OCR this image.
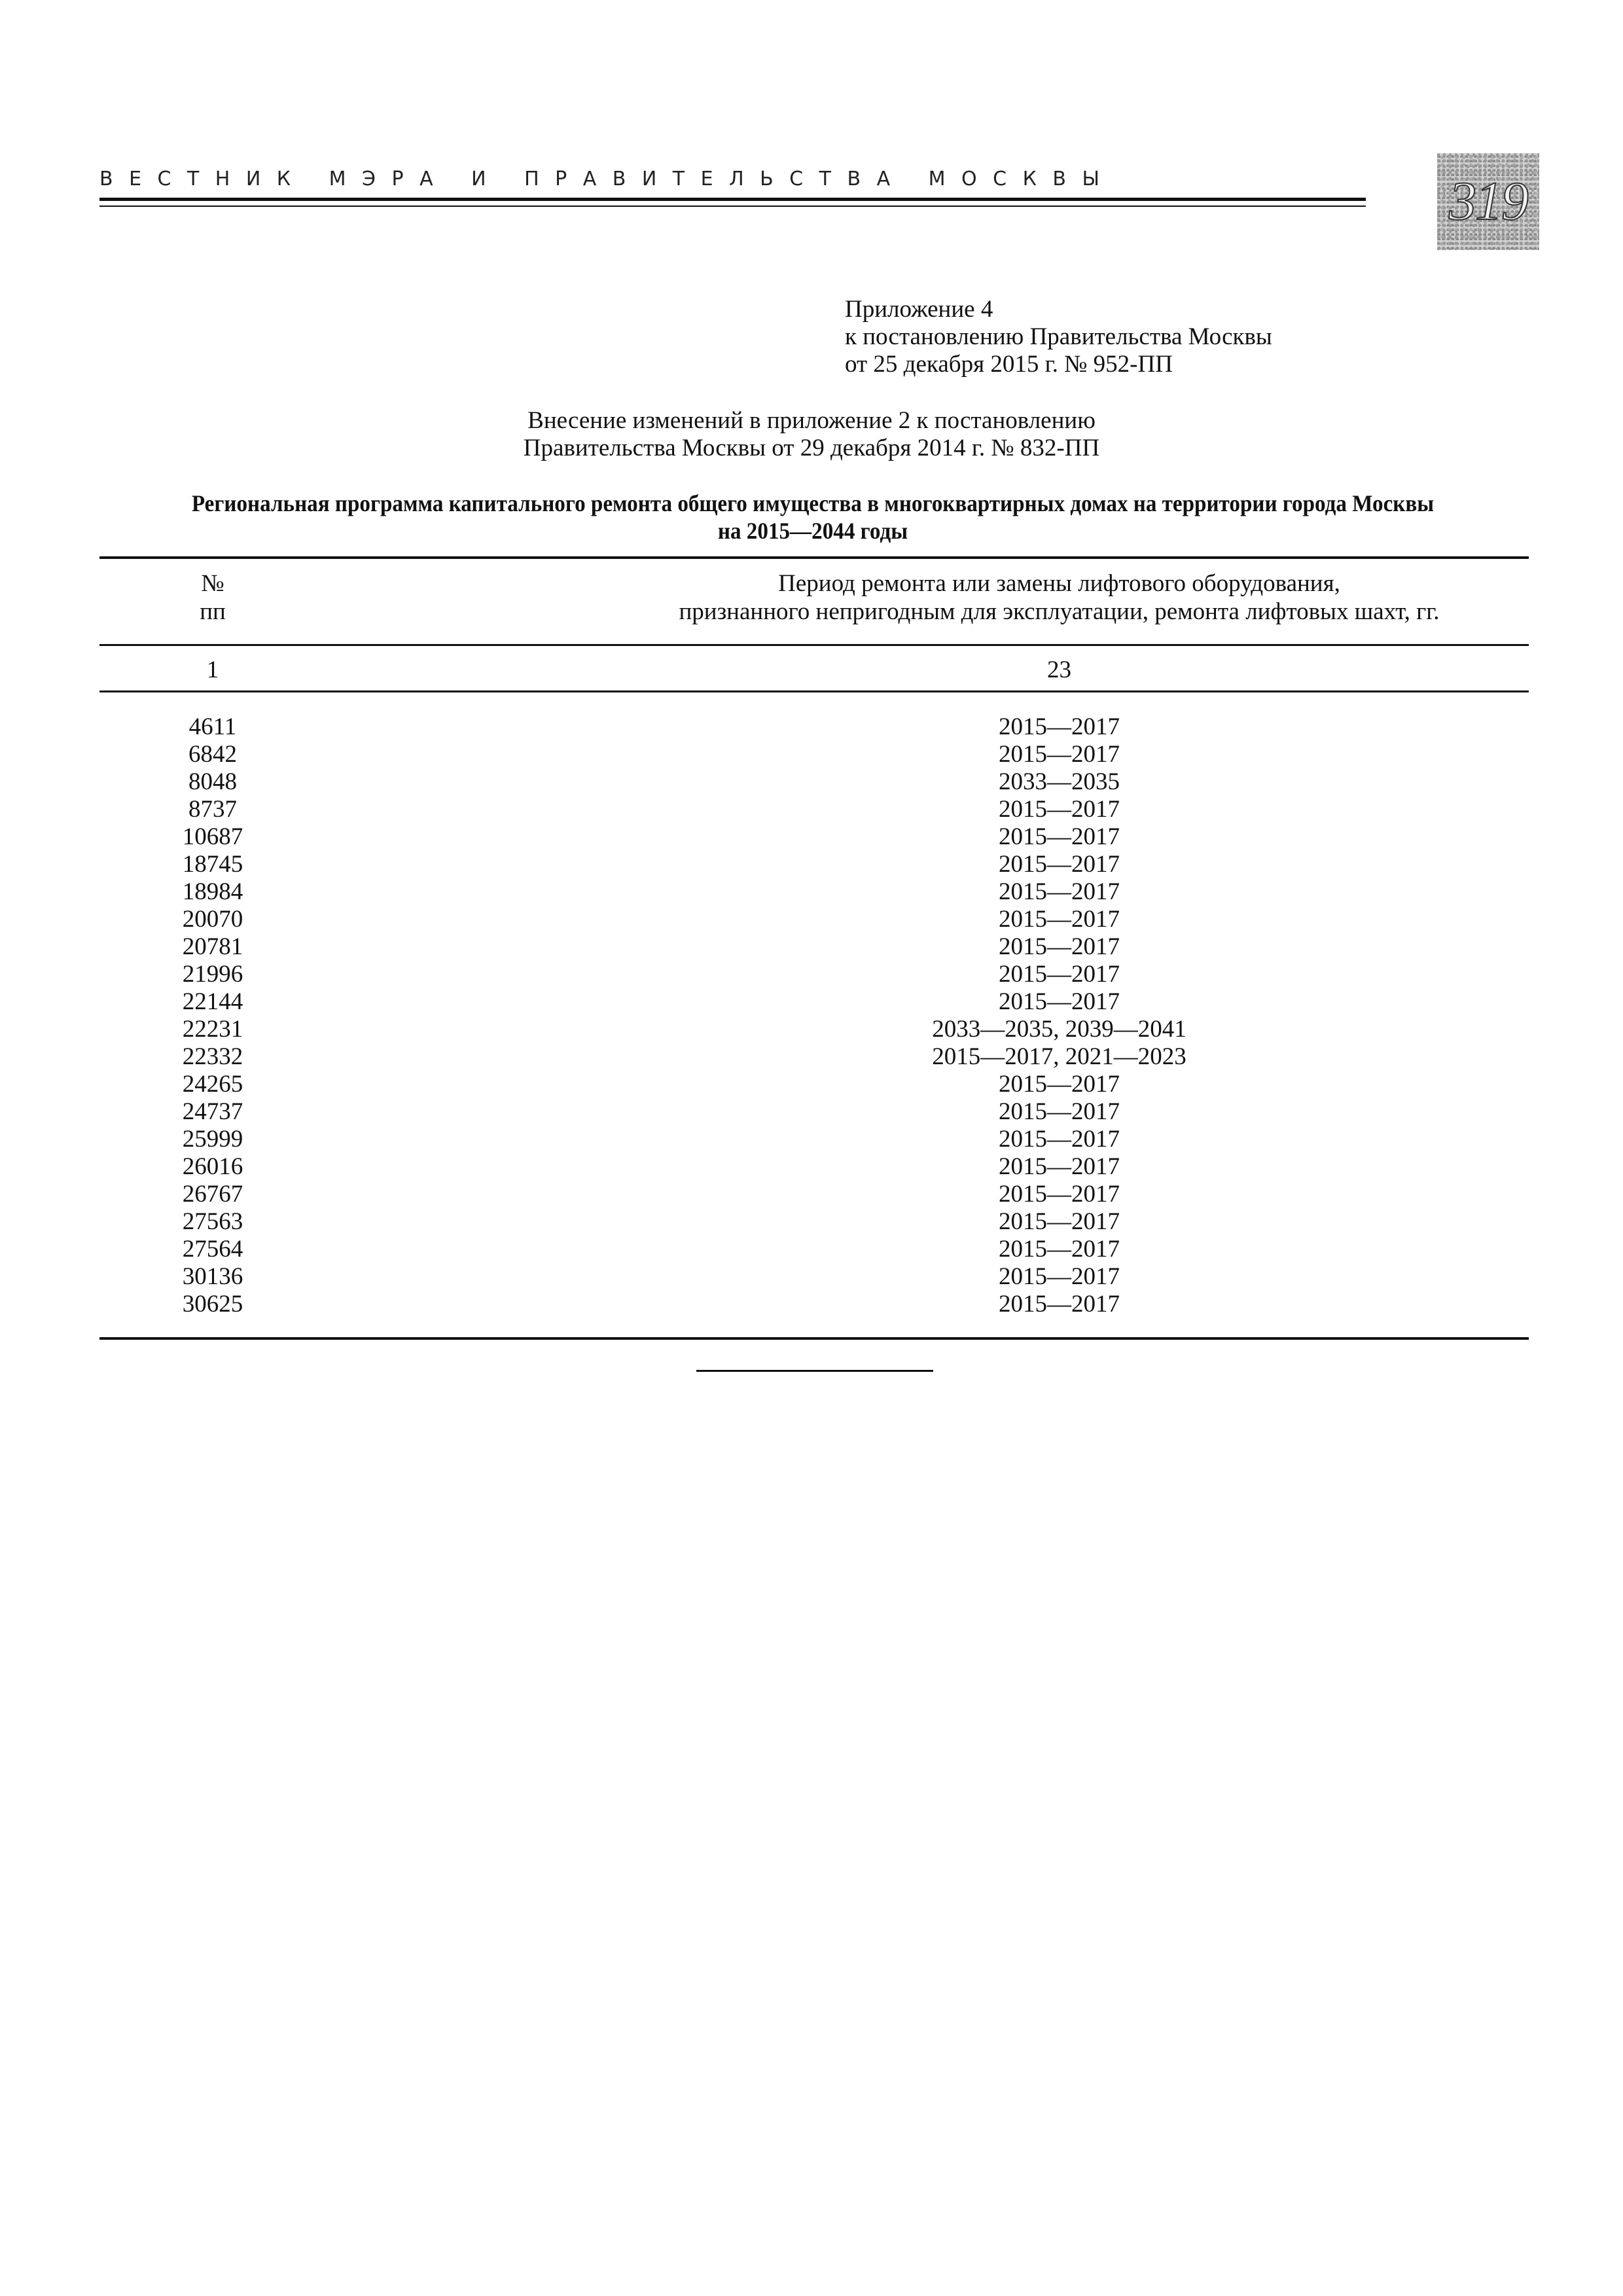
ВЕСТНИК МЭРА И ПРАВИТЕЛЬСТВА МОСКВЫ	319
Приложение 4
к постановлению Правительства Москвы
от 25 декабря 2015 г. № 952-ПП
Внесение изменений в приложение 2 к постановлению
Правительства Москвы от 29 декабря 2014 г. № 832-ПП
Региональная программа капитального ремонта общего имущества в многоквартирных домах на территории города Москвы
на 2015—2044 годы
№
пп
Период ремонта или замены лифтового оборудования,
признанного непригодным для эксплуатации, ремонта лифтовых шахт, гг.
1	23
4611
6842
8048
8737
10687
18745
18984
20070
20781
21996
22144
22231
22332
24265
24737
25999
26016
26767
27563
27564
30136
30625
2015—2017
2015—2017
2033—2035
2015—2017
2015—2017
2015—2017
2015—2017
2015—2017
2015—2017
2015—2017
2015—2017
2033—2035, 2039—2041
2015—2017, 2021—2023
2015—2017
2015—2017
2015—2017
2015—2017
2015—2017
2015—2017
2015—2017
2015—2017
2015—2017
